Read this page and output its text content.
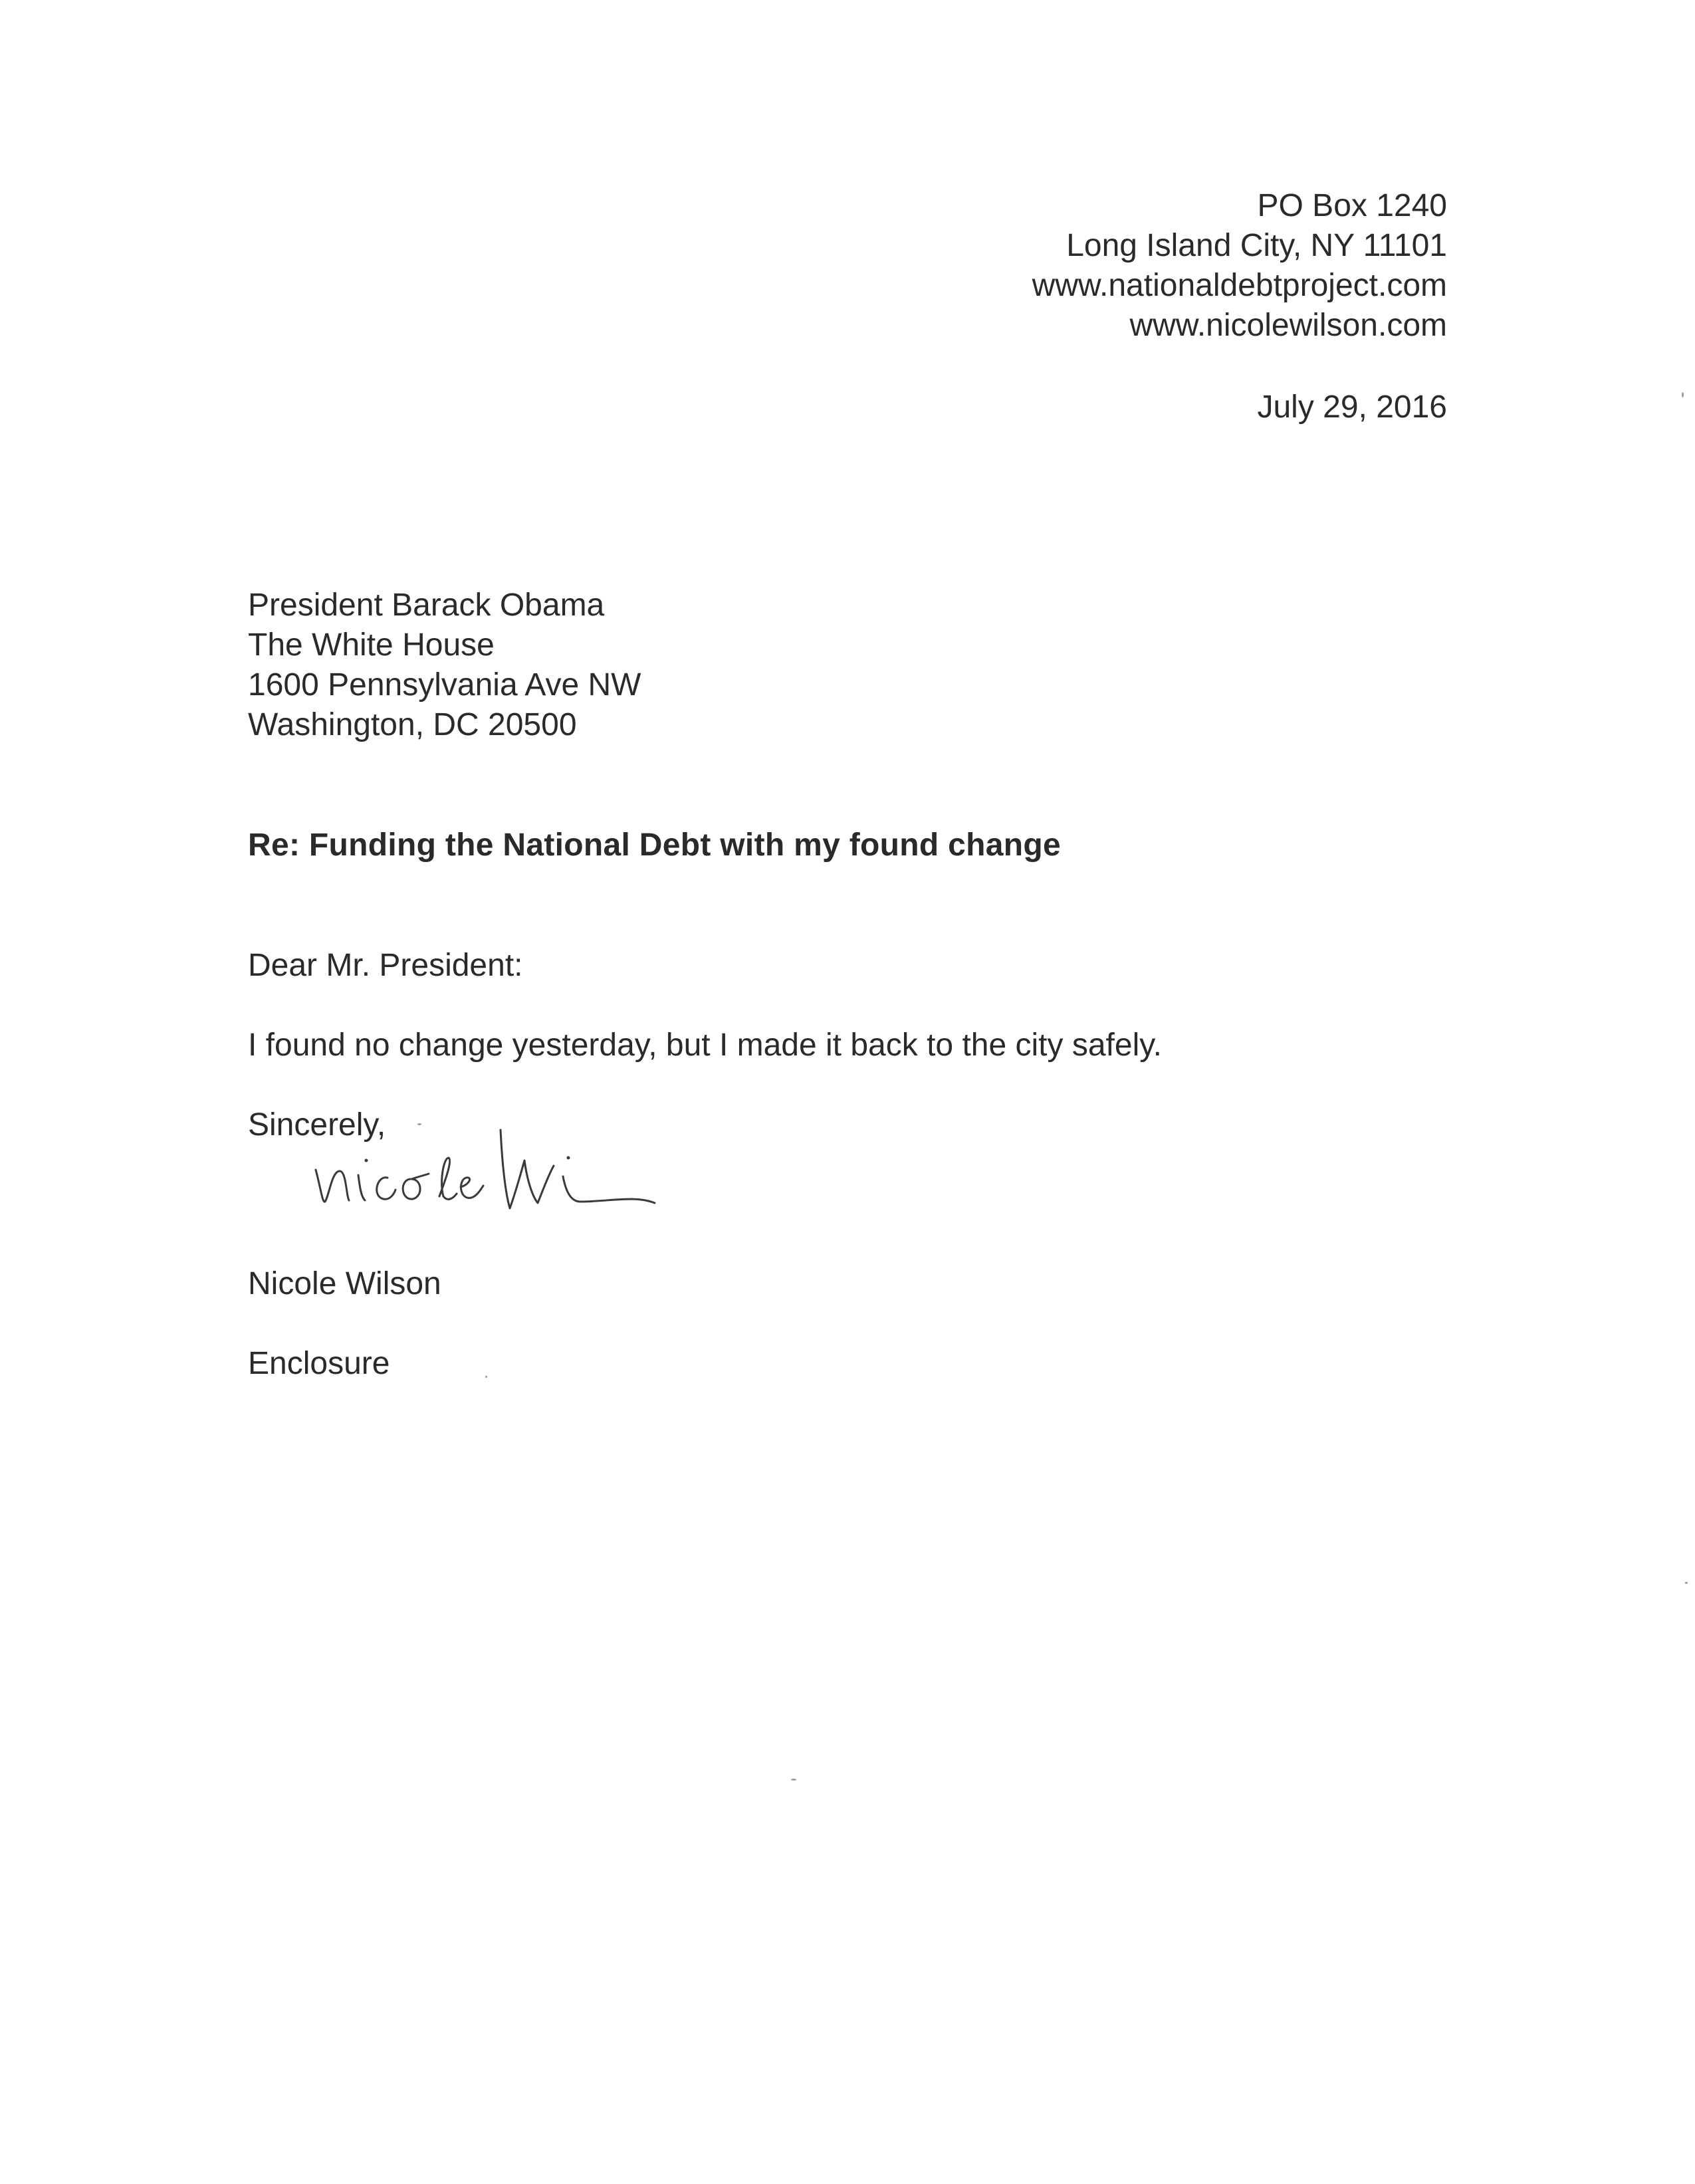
PO Box 1240
Long Island City, NY 11101
www.nationaldebtproject.com
www.nicolewilson.com
July 29, 2016
President Barack Obama
The White House
1600 Pennsylvania Ave NW
Washington, DC 20500
Re: Funding the National Debt with my found change
Dear Mr. President:
I found no change yesterday, but I made it back to the city safely.
Sincerely,
Nicole Wilson
Enclosure
